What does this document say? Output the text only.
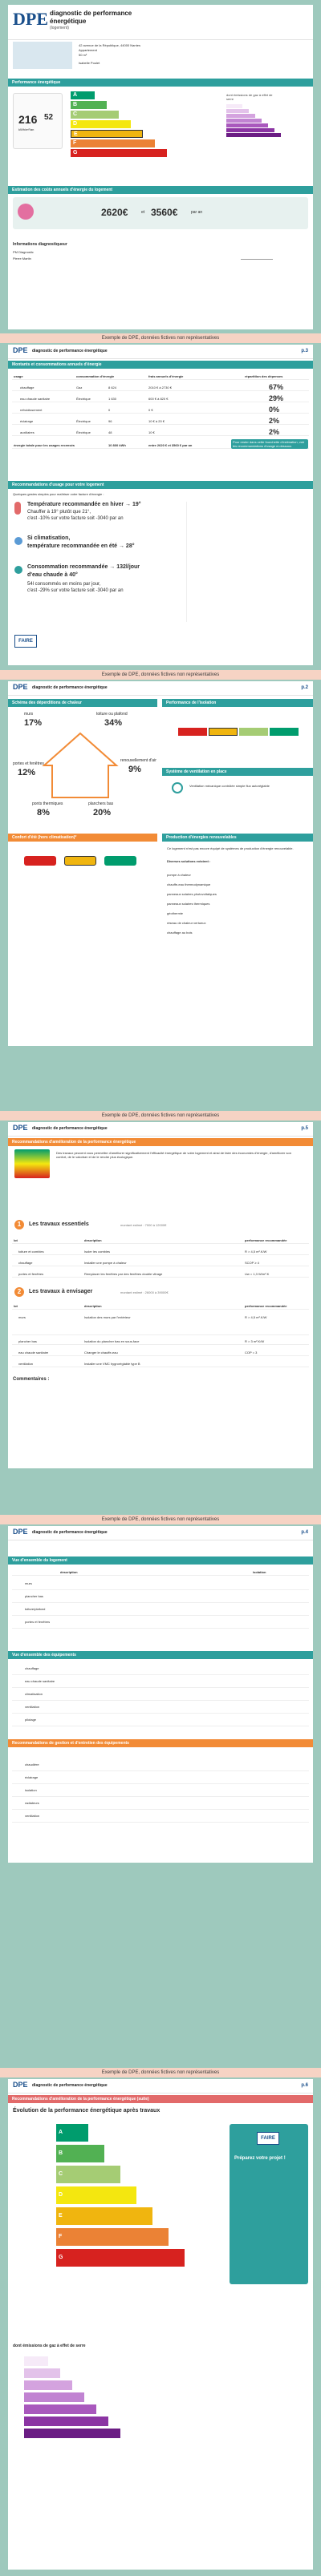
DPE diagnostic de performance énergétique
(logement)
42 avenue de la République, 44000 Nantes
Appartement
50 m²
Isabelle Poulet
Performance énergétique
216
kWh/m²/an
52
A
B
C
D
E
F
G
dont émissions de gaz à effet de serre
Estimation des coûts annuels d'énergie du logement
2620€	et 3560€	par an
Informations diagnostiqueur
PM Diagnostic
Pierre Martin
Exemple de DPE, données fictives non représentatives
DPE diagnostic de performance énergétique	p.3
Montants et consommations annuels d'énergie
usage	consommation d'énergie	frais annuels d'énergie	répartition des dépenses
chauffage	Gaz	8 624	2010 € à 2730 €	67%
eau chaude sanitaire	Électrique	1 630	600 € à 820 €	29%
refroidissement	0	0 €	0%
éclairage	Électrique	96	10 € à 20 €	2%
auxiliaires	Électrique	48	10 €	2%
énergie totale pour les usages recensés	10 800 kWh	entre 2620 € et 3560 € par an
Pour rester dans cette fourchette d'estimation, voir les recommandations d'usage ci-dessous
Recommandations d'usage pour votre logement
Quelques gestes simples pour maîtriser votre facture d'énergie :
Température recommandée en hiver → 19°
Chauffer à 19° plutôt que 21°,
c'est -10% sur votre facture soit -3040 par an
Si climatisation,
température recommandée en été → 28°
Consommation recommandée → 132l/jour
d'eau chaude à 40°
54l consommés en moins par jour,
c'est -29% sur votre facture soit -3040 par an
FAIRE
Exemple de DPE, données fictives non représentatives
DPE diagnostic de performance énergétique	p.2
Schéma des déperditions de chaleur	Performance de l'isolation
murs
17%
toiture ou plafond
34%
renouvellement d'air
9%
portes et fenêtres
12%
ponts thermiques
8%
planchers bas
20%
Système de ventilation en place
Ventilation mécanique contrôlée simple flux autoréglable
Confort d'été (hors climatisation)*	Production d'énergies renouvelables
Ce logement n'est pas encore équipé de systèmes de production d'énergie renouvelable.
Diverses solutions existent :
pompe à chaleur
chauffe-eau thermodynamique
panneaux solaires photovoltaïques
panneaux solaires thermiques
géothermie
réseau de chaleur vertueux
chauffage au bois
Exemple de DPE, données fictives non représentatives
DPE diagnostic de performance énergétique	p.5
Recommandations d'amélioration de la performance énergétique
Des travaux peuvent vous permettre d'améliorer significativement l'efficacité énergétique de votre logement et ainsi de faire des économies d'énergie, d'améliorer son confort, de le valoriser et de le rendre plus écologique.
1	Les travaux essentiels	montant estimé : 7000 à 12000€
lot	description	performance recommandée
toiture et combles	Isoler les combles	R > 4,5 m².K/W
chauffage	Installer une pompe à chaleur	SCOP ≥ 4
portes et fenêtres	Remplacer les fenêtres par des fenêtres double vitrage	Uw = 1,3 W/m².K
2	Les travaux à envisager	montant estimé : 26000 à 39000€
lot	description	performance recommandée
murs	Isolation des murs par l'extérieur	R > 4,5 m².K/W
plancher bas	Isolation du plancher bas en sous-face	R > 3 m².K/W
eau chaude sanitaire	Changer le chauffe-eau	COP = 3
ventilation	Installer une VMC hygroréglable type B
Commentaires :
Exemple de DPE, données fictives non représentatives
DPE diagnostic de performance énergétique	p.4
Vue d'ensemble du logement
description	isolation
murs
plancher bas
toiture/plafond
portes et fenêtres
Vue d'ensemble des équipements
chauffage
eau chaude sanitaire
climatisation
ventilation
pilotage
Recommandations de gestion et d'entretien des équipements
chaudière
éclairage
isolation
radiateurs
ventilation
Exemple de DPE, données fictives non représentatives
DPE diagnostic de performance énergétique	p.6
Recommandations d'amélioration de la performance énergétique (suite)
Évolution de la performance énergétique après travaux
A
B
C
D
E
F
G
FAIRE
Préparez votre projet !
dont émissions de gaz à effet de serre
